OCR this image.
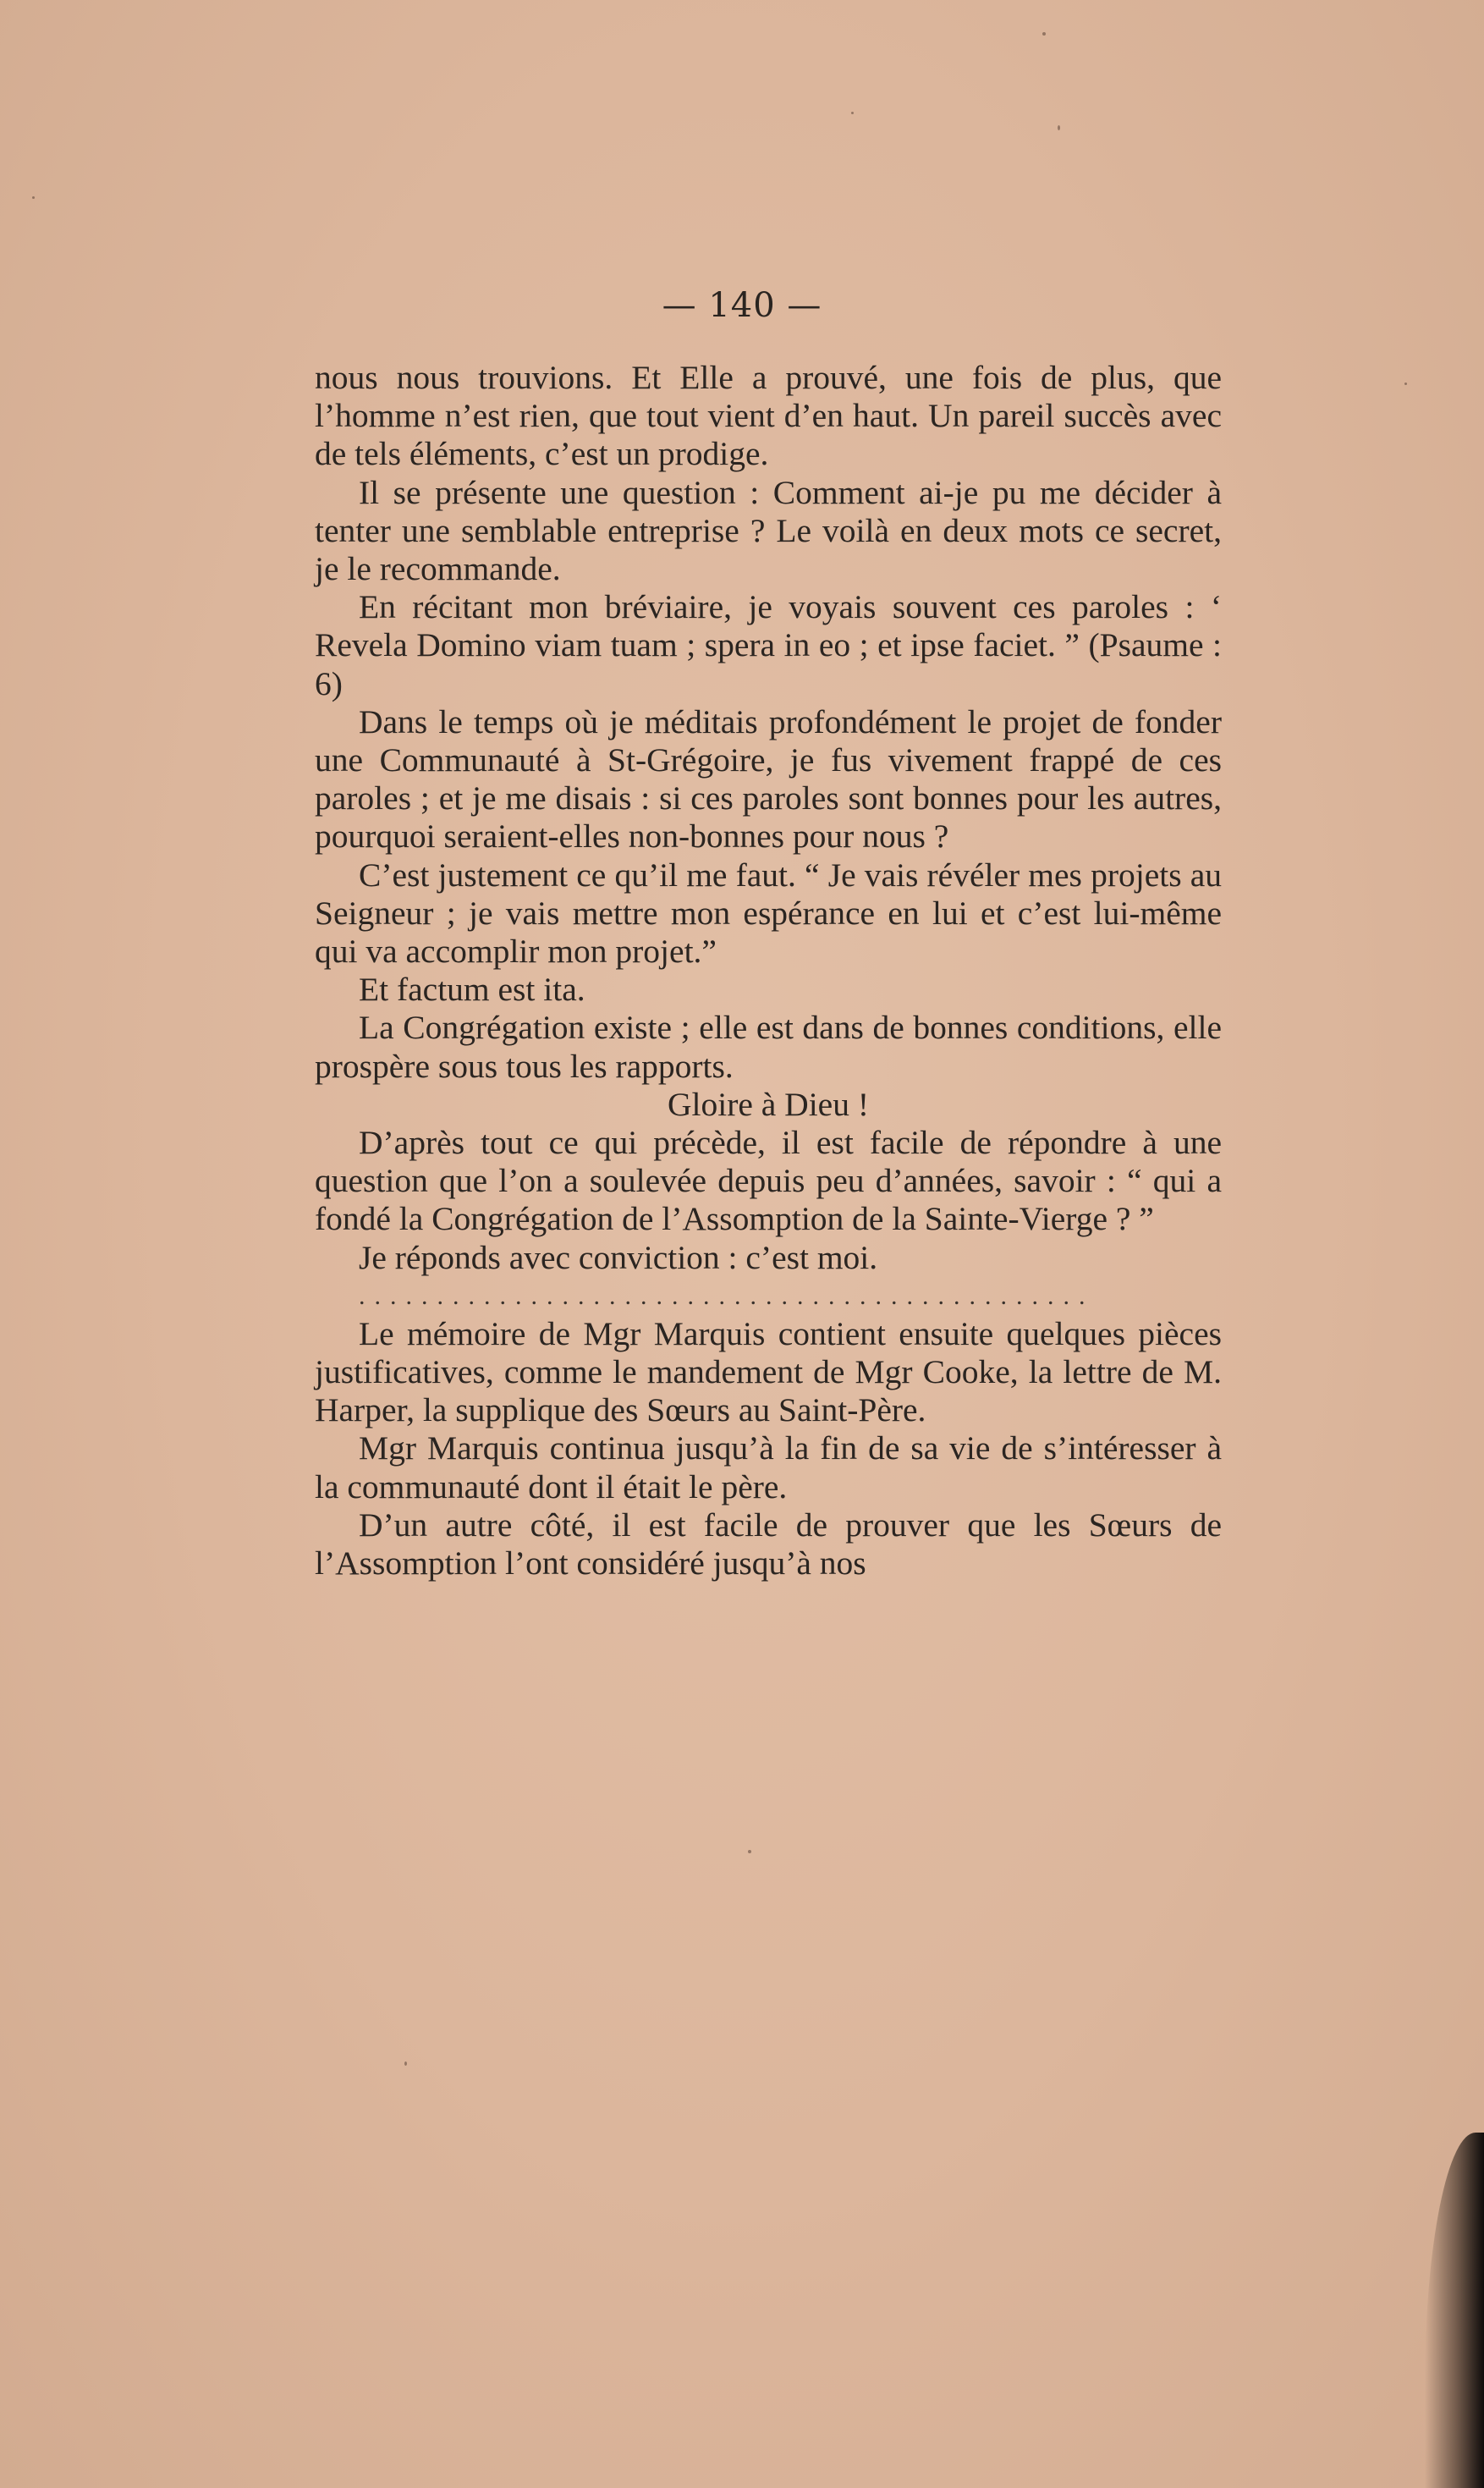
— 140 —

nous nous trouvions. Et Elle a prouvé, une fois de plus, que l’homme n’est rien, que tout vient d’en haut. Un pareil succès avec de tels éléments, c’est un prodige.

Il se présente une question : Comment ai-je pu me décider à tenter une semblable entreprise ? Le voilà en deux mots ce secret, je le recommande.

En récitant mon bréviaire, je voyais souvent ces paroles : ‘ Revela Domino viam tuam ; spera in eo ; et ipse faciet. ” (Psaume : 6)

Dans le temps où je méditais profondément le projet de fonder une Communauté à St-Grégoire, je fus vivement frappé de ces paroles ; et je me disais : si ces paroles sont bonnes pour les autres, pourquoi seraient-elles non-bonnes pour nous ?

C’est justement ce qu’il me faut. “ Je vais révéler mes projets au Seigneur ; je vais mettre mon espérance en lui et c’est lui-même qui va accomplir mon projet.”

Et factum est ita.

La Congrégation existe ; elle est dans de bonnes conditions, elle prospère sous tous les rapports.

Gloire à Dieu !

D’après tout ce qui précède, il est facile de répondre à une question que l’on a soulevée depuis peu d’années, savoir : “ qui a fondé la Congrégation de l’Assomption de la Sainte-Vierge ? ”

Je réponds avec conviction : c’est moi.

...............................................

Le mémoire de Mgr Marquis contient ensuite quelques pièces justificatives, comme le mandement de Mgr Cooke, la lettre de M. Harper, la supplique des Sœurs au Saint-Père.

Mgr Marquis continua jusqu’à la fin de sa vie de s’intéresser à la communauté dont il était le père.

D’un autre côté, il est facile de prouver que les Sœurs de l’Assomption l’ont considéré jusqu’à nos
